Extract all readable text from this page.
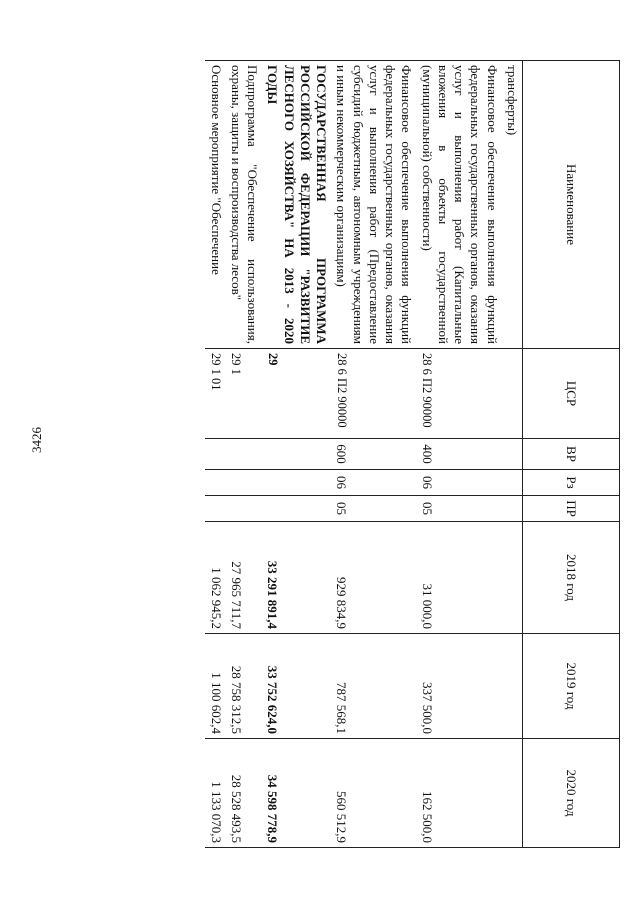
3426
Наименование	ЦСР	ВР	Рз	ПР	2018 год	2019 год	2020 год
трансферты)							
Финансовое обеспечение выполнения функций федеральных государственных органов, оказания услуг и выполнения работ (Капитальные вложения в объекты государственной (муниципальной) собственности)	28 6 П2 90000	400	06	05	31 000,0	337 500,0	162 500,0
Финансовое обеспечение выполнения функций федеральных государственных органов, оказания услуг и выполнения работ (Предоставление субсидий бюджетным, автономным учреждениям и иным некоммерческим организациям)	28 6 П2 90000	600	06	05	929 834,9	787 568,1	560 512,9
ГОСУДАРСТВЕННАЯ ПРОГРАММА РОССИЙСКОЙ ФЕДЕРАЦИИ "РАЗВИТИЕ ЛЕСНОГО ХОЗЯЙСТВА" НА 2013 - 2020 ГОДЫ	29				33 291 891,4	33 752 624,0	34 598 778,9
Подпрограмма "Обеспечение использования, охраны, защиты и воспроизводства лесов"	29 1				27 965 711,7	28 758 312,5	28 528 493,5
Основное мероприятие "Обеспечение	29 1 01				1 062 945,2	1 100 602,4	1 133 070,3
